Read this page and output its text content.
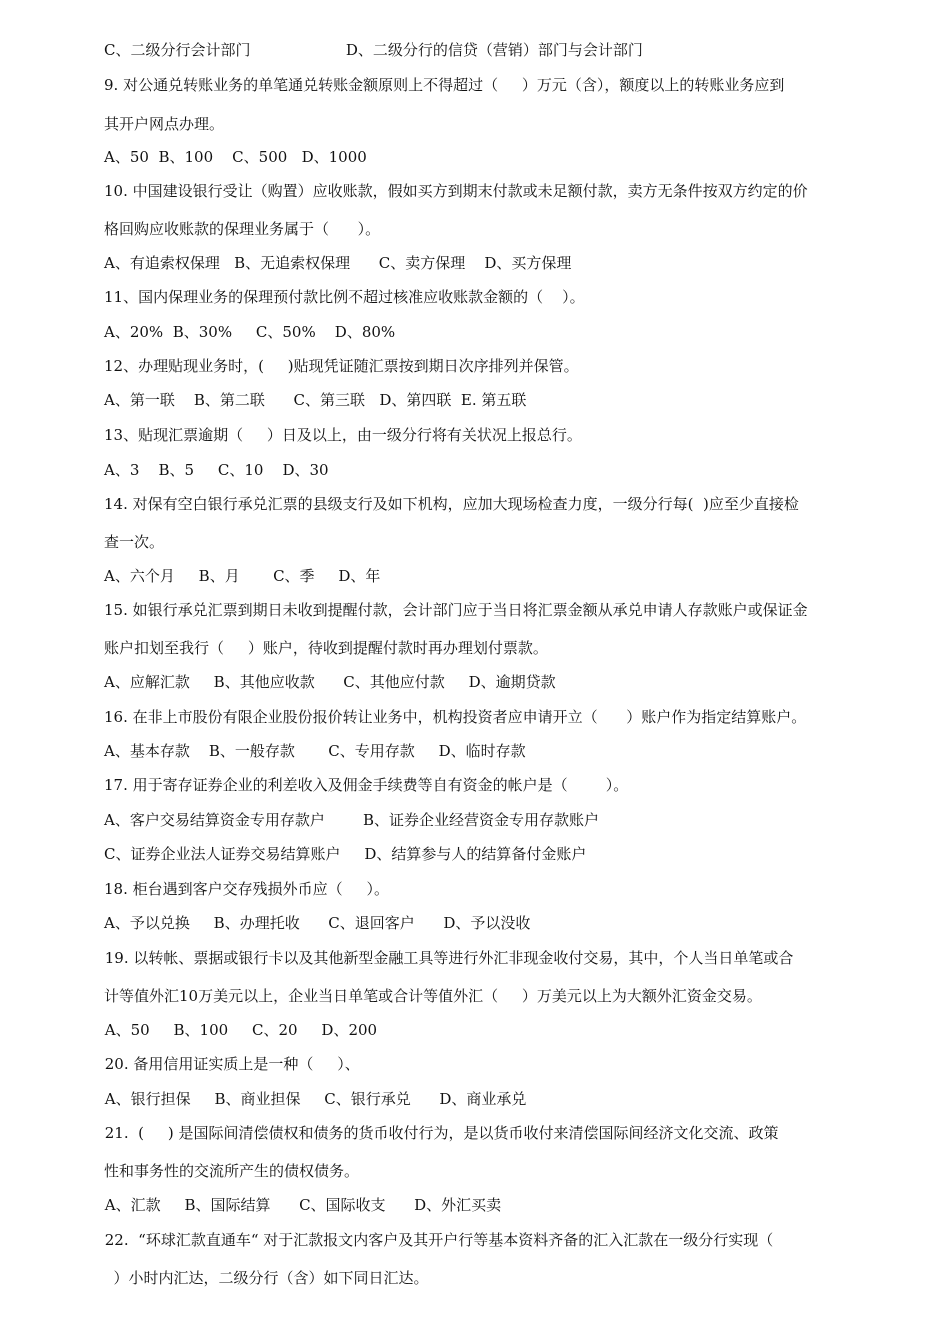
C、二级分行会计部门                    D、二级分行的信贷（营销）部门与会计部门
9. 对公通兑转账业务的单笔通兑转账金额原则上不得超过（     ）万元（含），额度以上的转账业务应到
其开户网点办理。
A、50  B、100    C、500   D、1000
10. 中国建设银行受让（购置）应收账款，假如买方到期末付款或未足额付款，卖方无条件按双方约定的价
格回购应收账款的保理业务属于（      ）。
A、有追索权保理   B、无追索权保理      C、卖方保理    D、买方保理
11、国内保理业务的保理预付款比例不超过核准应收账款金额的（    ）。
A、20%  B、30%     C、50%    D、80%
12、办理贴现业务时，(     )贴现凭证随汇票按到期日次序排列并保管。
A、第一联    B、第二联      C、第三联   D、第四联  E. 第五联
13、贴现汇票逾期（     ）日及以上，由一级分行将有关状况上报总行。
A、3    B、5     C、10    D、30
14. 对保有空白银行承兑汇票的县级支行及如下机构，应加大现场检查力度，一级分行每(  )应至少直接检
查一次。
A、六个月     B、月       C、季     D、年
15. 如银行承兑汇票到期日未收到提醒付款，会计部门应于当日将汇票金额从承兑申请人存款账户或保证金
账户扣划至我行（     ）账户，待收到提醒付款时再办理划付票款。
A、应解汇款     B、其他应收款      C、其他应付款     D、逾期贷款
16. 在非上市股份有限企业股份报价转让业务中，机构投资者应申请开立（      ）账户作为指定结算账户。
A、基本存款    B、一般存款       C、专用存款     D、临时存款
17. 用于寄存证券企业的利差收入及佣金手续费等自有资金的帐户是（        ）。
A、客户交易结算资金专用存款户        B、证券企业经营资金专用存款账户
C、证券企业法人证券交易结算账户     D、结算参与人的结算备付金账户
18. 柜台遇到客户交存残损外币应（     ）。
A、予以兑换     B、办理托收      C、退回客户      D、予以没收
19. 以转帐、票据或银行卡以及其他新型金融工具等进行外汇非现金收付交易，其中，个人当日单笔或合
计等值外汇10万美元以上，企业当日单笔或合计等值外汇（     ）万美元以上为大额外汇资金交易。
A、50     B、100     C、20     D、200
20. 备用信用证实质上是一种（     ）、
A、银行担保     B、商业担保     C、银行承兑      D、商业承兑
21.  (     ) 是国际间清偿债权和债务的货币收付行为，是以货币收付来清偿国际间经济文化交流、政策
性和事务性的交流所产生的债权债务。
A、汇款     B、国际结算      C、国际收支      D、外汇买卖
22.  “环球汇款直通车“ 对于汇款报文内客户及其开户行等基本资料齐备的汇入汇款在一级分行实现（
）小时内汇达，二级分行（含）如下同日汇达。
